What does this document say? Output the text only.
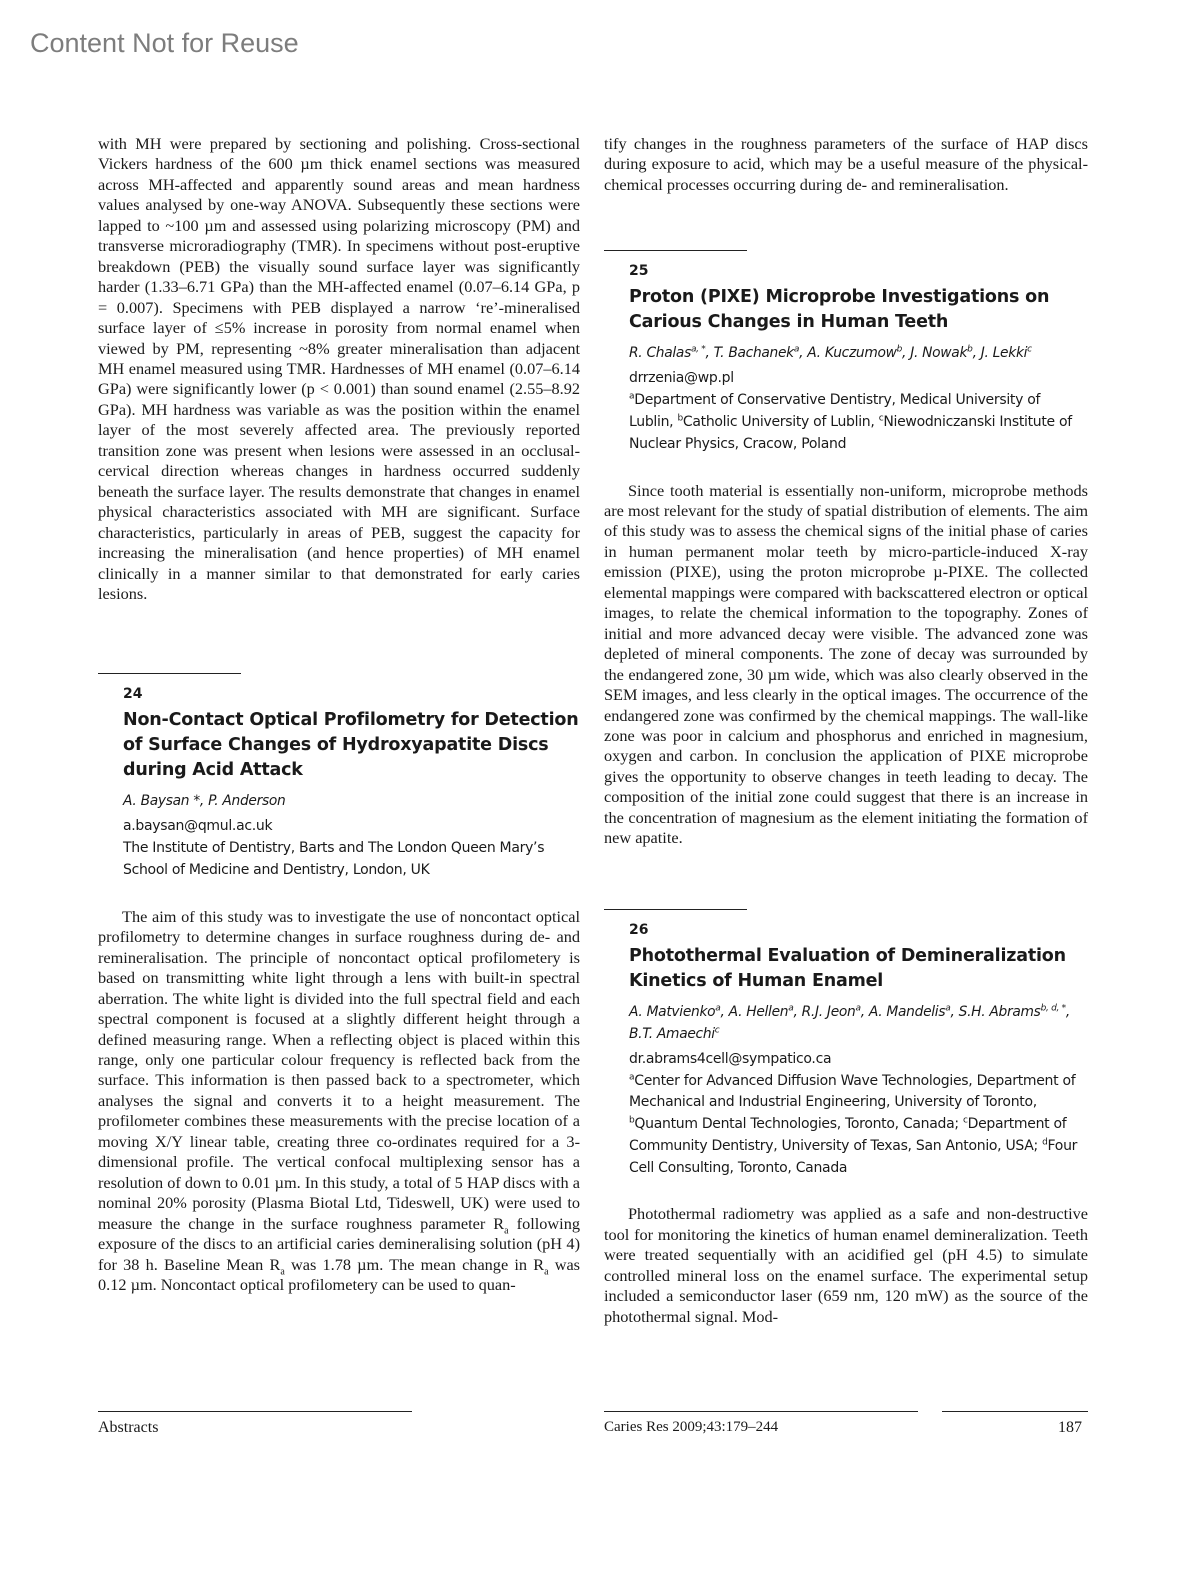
Content Not for Reuse

with MH were prepared by sectioning and polishing. Cross-sectional Vickers hardness of the 600 µm thick enamel sections was measured across MH-affected and apparently sound areas and mean hardness values analysed by one-way ANOVA. Subsequently these sections were lapped to ~100 µm and assessed using polarizing microscopy (PM) and transverse microradiography (TMR). In specimens without post-eruptive breakdown (PEB) the visually sound surface layer was significantly harder (1.33–6.71 GPa) than the MH-affected enamel (0.07–6.14 GPa, p = 0.007). Specimens with PEB displayed a narrow ‘re’-mineralised surface layer of ≤5% increase in porosity from normal enamel when viewed by PM, representing ~8% greater mineralisation than adjacent MH enamel measured using TMR. Hardnesses of MH enamel (0.07–6.14 GPa) were significantly lower (p < 0.001) than sound enamel (2.55–8.92 GPa). MH hardness was variable as was the position within the enamel layer of the most severely affected area. The previously reported transition zone was present when lesions were assessed in an occlusal-cervical direction whereas changes in hardness occurred suddenly beneath the surface layer. The results demonstrate that changes in enamel physical characteristics associated with MH are significant. Surface characteristics, particularly in areas of PEB, suggest the capacity for increasing the mineralisation (and hence properties) of MH enamel clinically in a manner similar to that demonstrated for early caries lesions.

24
Non-Contact Optical Profilometry for Detection of Surface Changes of Hydroxyapatite Discs during Acid Attack
A. Baysan *, P. Anderson
a.baysan@qmul.ac.uk
The Institute of Dentistry, Barts and The London Queen Mary’s School of Medicine and Dentistry, London, UK

The aim of this study was to investigate the use of noncontact optical profilometry to determine changes in surface roughness during de- and remineralisation. The principle of noncontact optical profilometery is based on transmitting white light through a lens with built-in spectral aberration. The white light is divided into the full spectral field and each spectral component is focused at a slightly different height through a defined measuring range. When a reflecting object is placed within this range, only one particular colour frequency is reflected back from the surface. This information is then passed back to a spectrometer, which analyses the signal and converts it to a height measurement. The profilometer combines these measurements with the precise location of a moving X/Y linear table, creating three co-ordinates required for a 3-dimensional profile. The vertical confocal multiplexing sensor has a resolution of down to 0.01 µm. In this study, a total of 5 HAP discs with a nominal 20% porosity (Plasma Biotal Ltd, Tideswell, UK) were used to measure the change in the surface roughness parameter $R_a$ following exposure of the discs to an artificial caries demineralising solution (pH 4) for 38 h. Baseline Mean $R_a$ was 1.78 µm. The mean change in $R_a$ was 0.12 µm. Noncontact optical profilometery can be used to quan-

tify changes in the roughness parameters of the surface of HAP discs during exposure to acid, which may be a useful measure of the physical-chemical processes occurring during de- and remineralisation.

25
Proton (PIXE) Microprobe Investigations on Carious Changes in Human Teeth
R. Chalas$^{a, *}$, T. Bachanek$^a$, A. Kuczumow$^b$, J. Nowak$^b$, J. Lekki$^c$
drrzenia@wp.pl
$^a$Department of Conservative Dentistry, Medical University of Lublin, $^b$Catholic University of Lublin, $^c$Niewodniczanski Institute of Nuclear Physics, Cracow, Poland

Since tooth material is essentially non-uniform, microprobe methods are most relevant for the study of spatial distribution of elements. The aim of this study was to assess the chemical signs of the initial phase of caries in human permanent molar teeth by micro-particle-induced X-ray emission (PIXE), using the proton microprobe µ-PIXE. The collected elemental mappings were compared with backscattered electron or optical images, to relate the chemical information to the topography. Zones of initial and more advanced decay were visible. The advanced zone was depleted of mineral components. The zone of decay was surrounded by the endangered zone, 30 µm wide, which was also clearly observed in the SEM images, and less clearly in the optical images. The occurrence of the endangered zone was confirmed by the chemical mappings. The wall-like zone was poor in calcium and phosphorus and enriched in magnesium, oxygen and carbon. In conclusion the application of PIXE microprobe gives the opportunity to observe changes in teeth leading to decay. The composition of the initial zone could suggest that there is an increase in the concentration of magnesium as the element initiating the formation of new apatite.

26
Photothermal Evaluation of Demineralization Kinetics of Human Enamel
A. Matvienko$^a$, A. Hellen$^a$, R.J. Jeon$^a$, A. Mandelis$^a$, S.H. Abrams$^{b, d, *}$, B.T. Amaechi$^c$
dr.abrams4cell@sympatico.ca
$^a$Center for Advanced Diffusion Wave Technologies, Department of Mechanical and Industrial Engineering, University of Toronto, $^b$Quantum Dental Technologies, Toronto, Canada; $^c$Department of Community Dentistry, University of Texas, San Antonio, USA; $^d$Four Cell Consulting, Toronto, Canada

Photothermal radiometry was applied as a safe and non-destructive tool for monitoring the kinetics of human enamel demineralization. Teeth were treated sequentially with an acidified gel (pH 4.5) to simulate controlled mineral loss on the enamel surface. The experimental setup included a semiconductor laser (659 nm, 120 mW) as the source of the photothermal signal. Mod-

Abstracts	Caries Res 2009;43:179–244	187
